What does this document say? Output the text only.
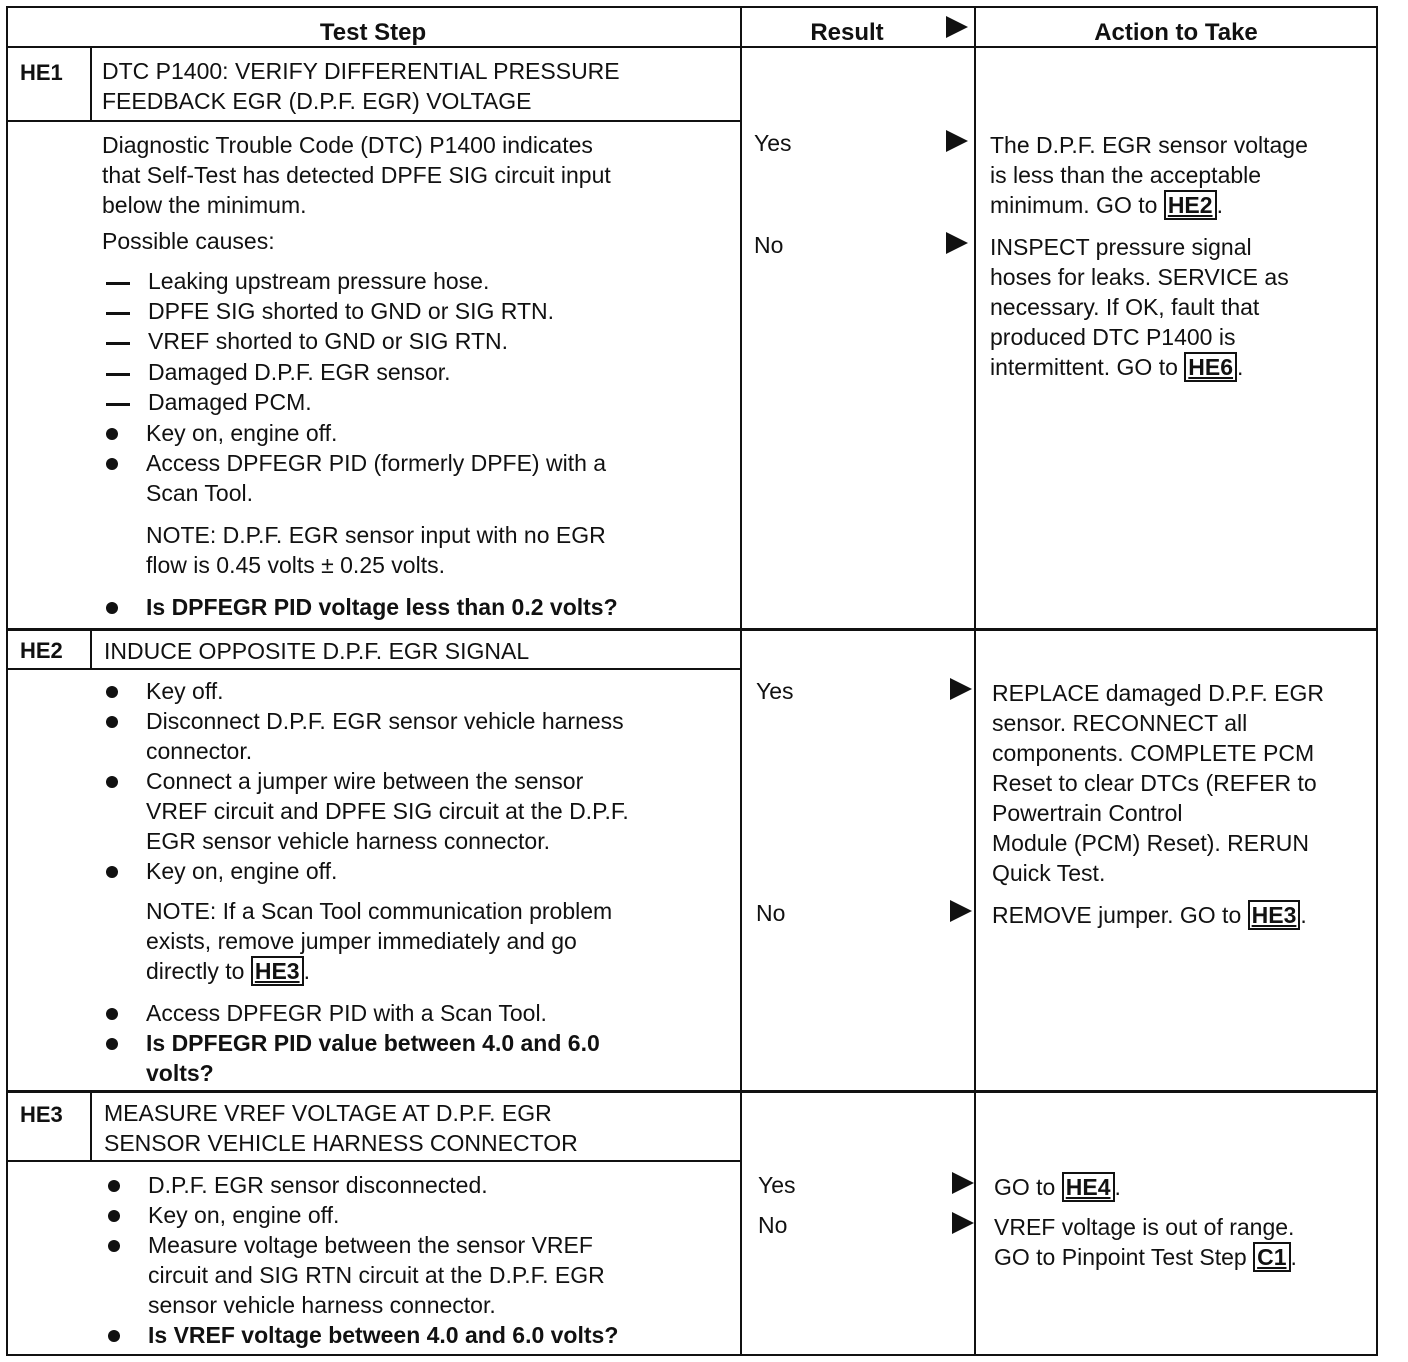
Test Step	Result	Action to Take
HE1 DTC P1400: VERIFY DIFFERENTIAL PRESSURE
FEEDBACK EGR (D.P.F. EGR) VOLTAGE
Diagnostic Trouble Code (DTC) P1400 indicates
that Self-Test has detected DPFE SIG circuit input
below the minimum.
Possible causes:
Leaking upstream pressure hose.
DPFE SIG shorted to GND or SIG RTN.
VREF shorted to GND or SIG RTN.
Damaged D.P.F. EGR sensor.
Damaged PCM.
Key on, engine off.
Access DPFEGR PID (formerly DPFE) with a
Scan Tool.
NOTE: D.P.F. EGR sensor input with no EGR
flow is 0.45 volts ± 0.25 volts.
Is DPFEGR PID voltage less than 0.2 volts?
Yes	The D.P.F. EGR sensor voltage
is less than the acceptable
minimum. GO to HE2 .
No	INSPECT pressure signal
hoses for leaks. SERVICE as
necessary. If OK, fault that
produced DTC P1400 is
intermittent. GO to HE6 .
HE2 INDUCE OPPOSITE D.P.F. EGR SIGNAL
Key off.
Disconnect D.P.F. EGR sensor vehicle harness
connector.
Connect a jumper wire between the sensor
VREF circuit and DPFE SIG circuit at the D.P.F.
EGR sensor vehicle harness connector.
Key on, engine off.
NOTE: If a Scan Tool communication problem
exists, remove jumper immediately and go
directly to HE3 .
Access DPFEGR PID with a Scan Tool.
Is DPFEGR PID value between 4.0 and 6.0
volts?
Yes	REPLACE damaged D.P.F. EGR
sensor. RECONNECT all
components. COMPLETE PCM
Reset to clear DTCs (REFER to
Powertrain Control
Module (PCM) Reset). RERUN
Quick Test.
No	REMOVE jumper. GO to HE3 .
HE3 MEASURE VREF VOLTAGE AT D.P.F. EGR
SENSOR VEHICLE HARNESS CONNECTOR
D.P.F. EGR sensor disconnected.
Key on, engine off.
Measure voltage between the sensor VREF
circuit and SIG RTN circuit at the D.P.F. EGR
sensor vehicle harness connector.
Is VREF voltage between 4.0 and 6.0 volts?
Yes	GO to HE4 .
No	VREF voltage is out of range.
GO to Pinpoint Test Step C1 .
